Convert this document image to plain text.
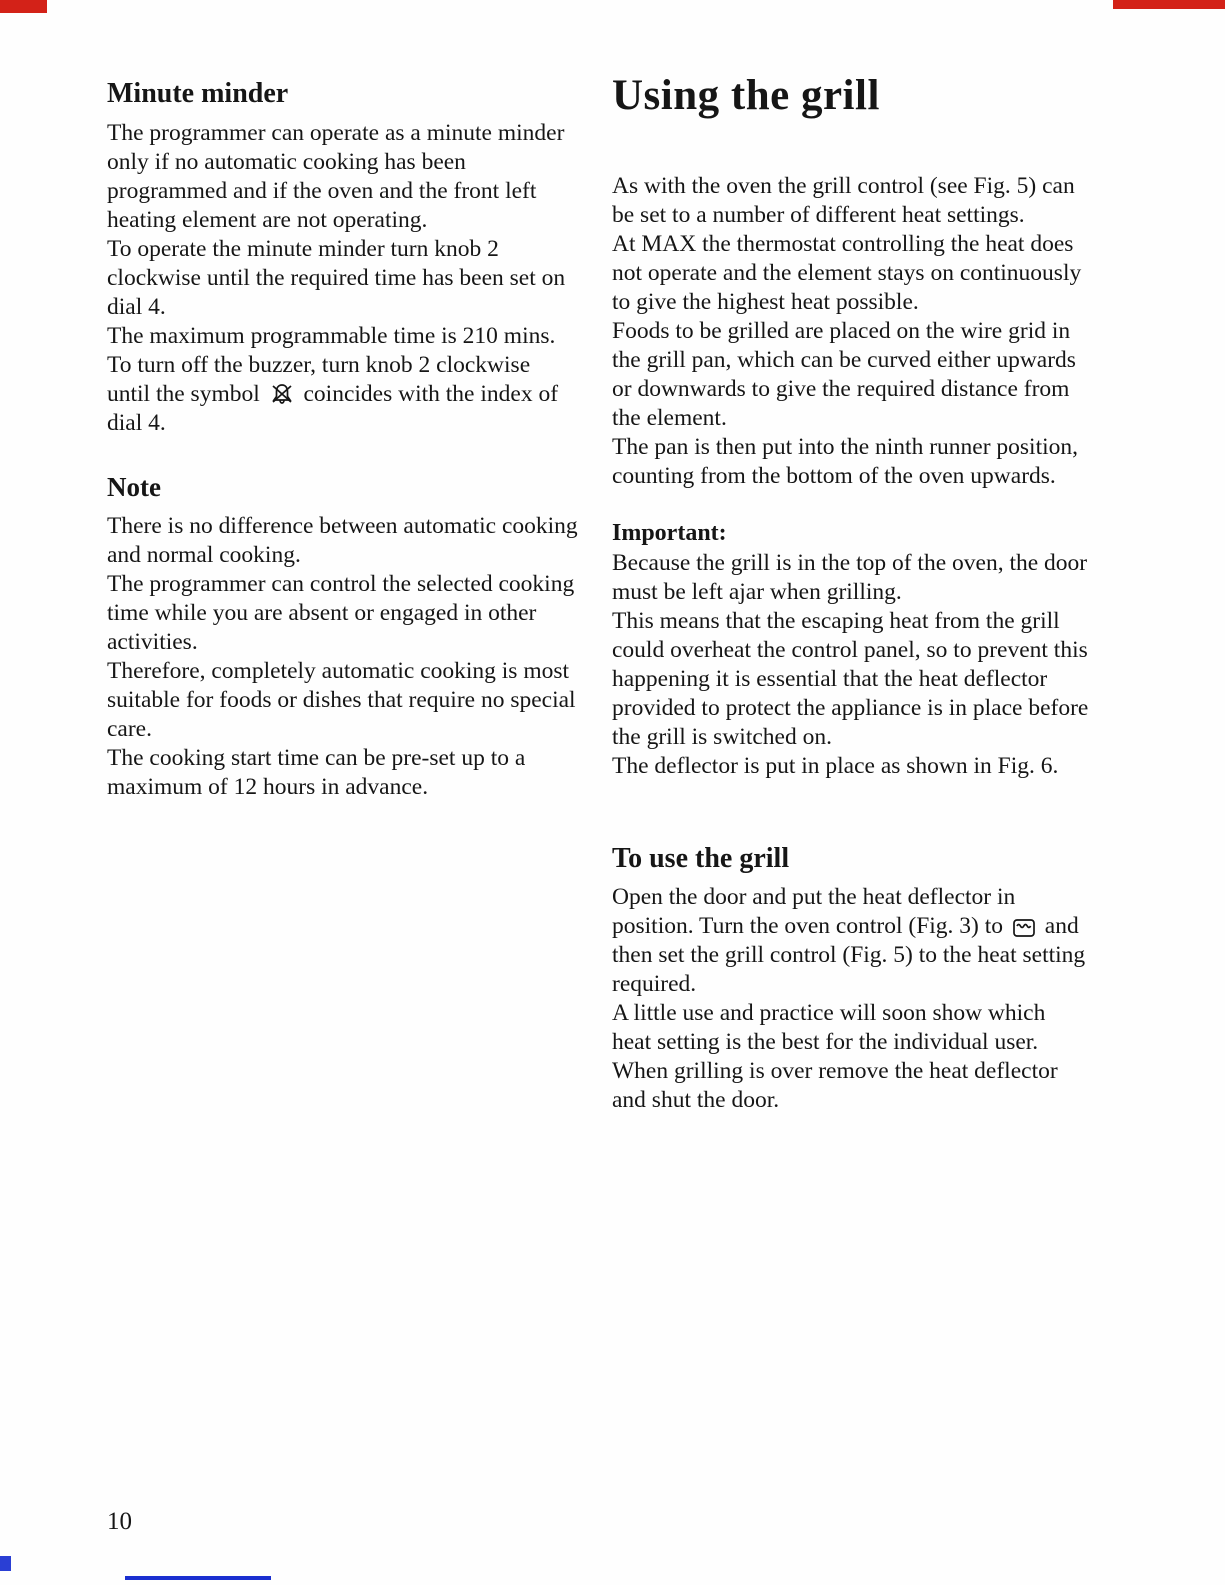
Minute minder

The programmer can operate as a minute minder only if no automatic cooking has been programmed and if the oven and the front left heating element are not operating.

To operate the minute minder turn knob 2 clockwise until the required time has been set on dial 4.

The maximum programmable time is 210 mins.

To turn off the buzzer, turn knob 2 clockwise until the symbol coincides with the index of dial 4.

Note

There is no difference between automatic cooking and normal cooking.

The programmer can control the selected cooking time while you are absent or engaged in other activities.

Therefore, completely automatic cooking is most suitable for foods or dishes that require no special care.

The cooking start time can be pre-set up to a maximum of 12 hours in advance.

Using the grill

As with the oven the grill control (see Fig. 5) can be set to a number of different heat settings.

At MAX the thermostat controlling the heat does not operate and the element stays on continuously to give the highest heat possible.

Foods to be grilled are placed on the wire grid in the grill pan, which can be curved either upwards or downwards to give the required distance from the element.

The pan is then put into the ninth runner position, counting from the bottom of the oven upwards.

Important:

Because the grill is in the top of the oven, the door must be left ajar when grilling.

This means that the escaping heat from the grill could overheat the control panel, so to prevent this happening it is essential that the heat deflector provided to protect the appliance is in place before the grill is switched on.

The deflector is put in place as shown in Fig. 6.

To use the grill

Open the door and put the heat deflector in position. Turn the oven control (Fig. 3) to and then set the grill control (Fig. 5) to the heat setting required.

A little use and practice will soon show which heat setting is the best for the individual user.

When grilling is over remove the heat deflector and shut the door.

10
